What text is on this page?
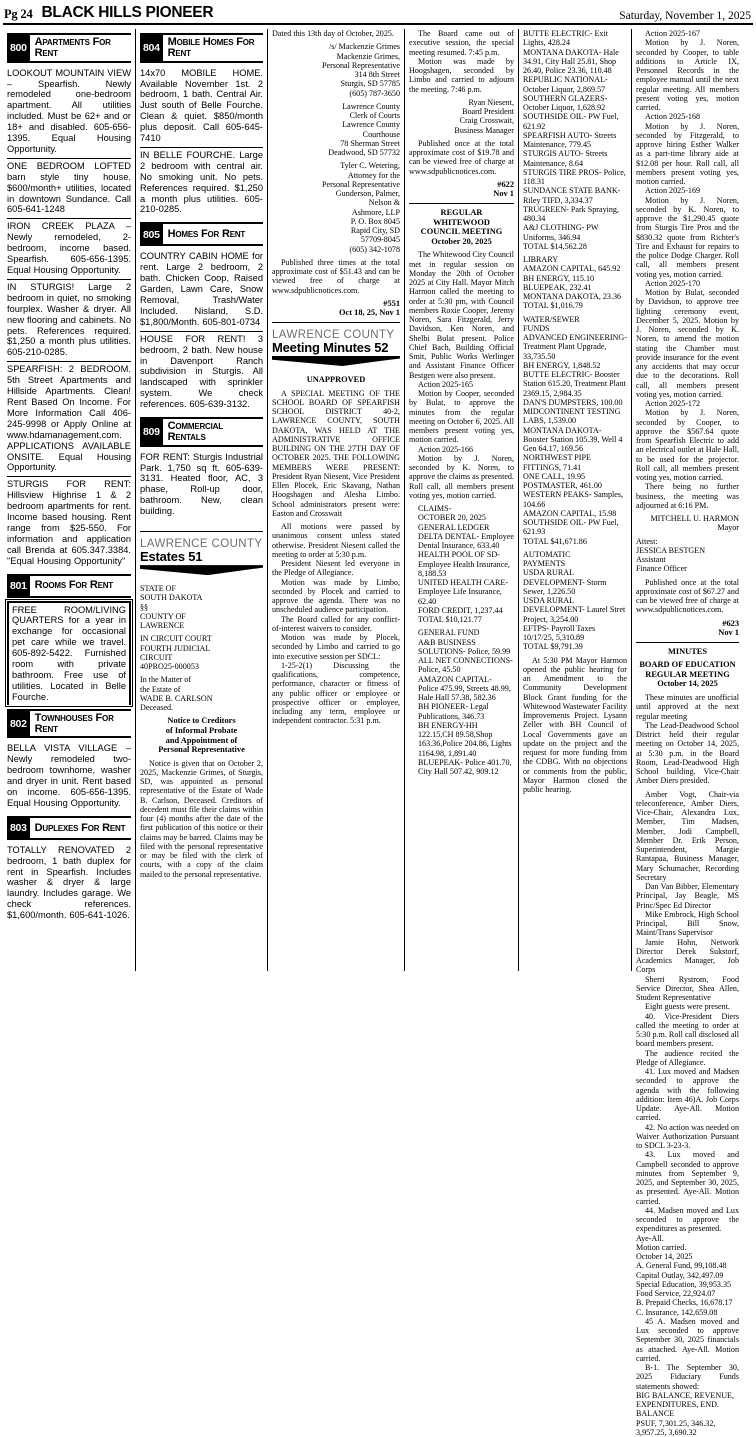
Pg 24 BLACK HILLS PIONEER	Saturday, November 1, 2025
800
Apartments For Rent
LOOKOUT MOUNTAIN VIEW – Spearfish. Newly remodeled one-bedroom apartment. All utilities included. Must be 62+ and or 18+ and disabled. 605-656-1395. Equal Housing Opportunity.
ONE BEDROOM LOFTED barn style tiny house. $600/month+ utilities, located in downtown Sundance. Call 605-641-1248
IRON CREEK PLAZA – Newly remodeled, 2-bedroom, income based. Spearfish. 605-656-1395. Equal Housing Opportunity.
IN STURGIS! Large 2 bedroom in quiet, no smoking fourplex. Washer & dryer. All new flooring and cabinets. No pets. References required. $1,250 a month plus utilities. 605-210-0285.
SPEARFISH: 2 BEDROOM. 5th Street Apartments and Hillside Apartments. Clean! Rent Based On Income. For More Information Call 406-245-9998 or Apply Online at www.hdamanagement.com. APPLICATIONS AVAILABLE ONSITE. Equal Housing Opportunity.
STURGIS FOR RENT: Hillsview Highrise 1 & 2 bedroom apartments for rent. Income based housing. Rent range from $25-550. For information and application call Brenda at 605.347.3384. "Equal Housing Opportunity"
801 Rooms For Rent
FREE ROOM/LIVING QUARTERS for a year in exchange for occasional pet care while we travel. 605-892-5422. Furnished room with private bathroom. Free use of utilities. Located in Belle Fourche.
802
Townhouses For Rent
BELLA VISTA VILLAGE – Newly remodeled two-bedroom townhome, washer and dryer in unit. Rent based on income. 605-656-1395. Equal Housing Opportunity.
803 Duplexes For Rent
TOTALLY RENOVATED 2 bedroom, 1 bath duplex for rent in Spearfish. Includes washer & dryer & large laundry. Includes garage. We check references. $1,600/month. 605-641-1026.
804
Mobile Homes For Rent
14x70 MOBILE HOME. Available November 1st. 2 bedroom, 1 bath. Central Air. Just south of Belle Fourche. Clean & quiet. $850/month plus deposit. Call 605-645-7410
IN BELLE FOURCHE. Large 2 bedroom with central air. No smoking unit. No pets. References required. $1,250 a month plus utilities. 605-210-0285.
805 Homes For Rent
COUNTRY CABIN HOME for rent. Large 2 bedroom, 2 bath. Chicken Coop, Raised Garden, Lawn Care, Snow Removal, Trash/Water Included. Nisland, S.D. $1,800/Month. 605-801-0734
HOUSE FOR RENT! 3 bedroom, 2 bath. New house in Davenport Ranch subdivision in Sturgis. All landscaped with sprinkler system. We check references. 605-639-3132.
809
Commercial Rentals
FOR RENT: Sturgis Industrial Park. 1,750 sq ft. 605-639-3131. Heated floor, AC, 3 phase, Roll-up door, bathroom. New, clean building.
LAWRENCE COUNTY
Estates 51
STATE OF
SOUTH DAKOTA
§§
COUNTY OF
LAWRENCE
IN CIRCUIT COURT
FOURTH JUDICIAL
CIRCUIT
40PRO25-000053
In the Matter of
the Estate of
WADE B. CARLSON
Deceased.
Notice to Creditors
of Informal Probate
and Appointment of
Personal Representative
Notice is given that on October 2, 2025, Mackenzie Grimes, of Sturgis, SD, was appointed as personal representative of the Estate of Wade B. Carlson, Deceased. Creditors of decedent must file their claims within four (4) months after the date of the first publication of this notice or their claims may be barred. Claims may be filed with the personal representative or may be filed with the clerk of courts, with a copy of the claim mailed to the personal representative.
Dated this 13th day of October, 2025.
/s/ Mackenzie Grimes
Mackenzie Grimes,
Personal Representative
314 8th Street
Sturgis, SD 57785
(605) 787-3650
Lawrence County
Clerk of Courts
Lawrence County
Courthouse
78 Sherman Street
Deadwood, SD 57732
Tyler C. Wetering,
Attorney for the
Personal Representative
Gunderson, Palmer,
Nelson &
Ashmore, LLP
P. O. Box 8045
Rapid City, SD
57709-8045
(605) 342-1078
Published three times at the total approximate cost of $51.43 and can be viewed free of charge at www.sdpublicnotices.com.
#551
Oct 18, 25, Nov 1
LAWRENCE COUNTY
Meeting Minutes 52
UNAPPROVED
A SPECIAL MEETING OF THE SCHOOL BOARD OF SPEARFISH SCHOOL DISTRICT 40-2, LAWRENCE COUNTY, SOUTH DAKOTA, WAS HELD AT THE ADMINISTRATIVE OFFICE BUILDING ON THE 27TH DAY OF OCTOBER 2025. THE FOLLOWING MEMBERS WERE PRESENT: President Ryan Niesent, Vice President Ellen Plocek, Eric Skavang, Nathan Hoogshagen and Alesha Limbo. School administrators present were: Easton and Crosswait
All motions were passed by unanimous consent unless stated otherwise. President Niesent called the meeting to order at 5:30 p.m.
President Niesent led everyone in the Pledge of Allegiance.
Motion was made by Limbo, seconded by Plocek and carried to approve the agenda. There was no unscheduled audience participation.
The Board called for any conflict-of-interest waivers to consider.
Motion was made by Plocek, seconded by Limbo and carried to go into executive session per SDCL:
1-25-2(1) Discussing the qualifications, competence, performance, character or fitness of any public officer or employee or prospective officer or employee, including any term, employee or independent contractor. 5:31 p.m.
The Board came out of executive session, the special meeting resumed. 7:45 p.m.
Motion was made by Hoogshagen, seconded by Limbo and carried to adjourn the meeting. 7:46 p.m.
Ryan Niesent,
Board President
Craig Crosswait,
Business Manager
Published once at the total approximate cost of $19.78 and can be viewed free of charge at www.sdpublicnotices.com.
#622
Nov 1
REGULAR
WHITEWOOD
COUNCIL MEETING
October 20, 2025
The Whitewood City Council met in regular session on Monday the 20th of October 2025 at City Hall. Mayor Mitch Harmon called the meeting to order at 5:30 pm, with Council members Roxie Cooper, Jeremy Noren, Sara Fitzgerald, Jerry Davidson, Ken Noren, and Shelbi Bulat present. Police Chief Bach, Building Official Smit, Public Works Werlinger and Assistant Finance Officer Bestgen were also present.
Action 2025-165
Motion by Cooper, seconded by Bulat, to approve the minutes from the regular meeting on October 6, 2025. All members present voting yes, motion carried.
Action 2025-166
Motion by J. Noren, seconded by K. Noren, to approve the claims as presented. Roll call, all members present voting yes, motion carried.
CLAIMS-
OCTOBER 20, 2025
GENERAL LEDGER
DELTA DENTAL- Employee Dental Insurance, 633.40
HEALTH POOL OF SD- Employee Health Insurance, 8,188.53
UNITED HEALTH CARE- Employee Life Insurance, 62.40
FORD CREDIT, 1,237.44
TOTAL $10,121.77
GENERAL FUND
A&B BUSINESS SOLUTIONS- Police, 59.99
ALL NET CONNECTIONS- Police, 45.50
AMAZON CAPITAL- Police 475.99, Streets 48.99, Hale Hall 57.38, 582.36
BH PIONEER- Legal Publications, 346.73
BH ENERGY-HH 122.15,CH 89.58,Shop 163.36,Police 204.86, Lights 1164.98, 1,891.40
BLUEPEAK- Police 401.70, City Hall 507.42, 909.12
BUTTE ELECTRIC- Exit Lights, 428.24
MONTANA DAKOTA- Hale 34.91, City Hall 25.81, Shop 26.40, Police 23.36, 110.48
REPUBLIC NATIONAL- October Liquor, 2,869.57
SOUTHERN GLAZERS- October Liquor, 1,628.92
SOUTHSIDE OIL- PW Fuel, 621.92
SPEARFISH AUTO- Streets Maintenance, 779.45
STURGIS AUTO- Streets Maintenance, 8.64
STURGIS TIRE PROS- Police, 118.31
SUNDANCE STATE BANK- Riley TIFD, 3,334.37
TRUGREEN- Park Spraying, 480.34
A&J CLOTHING- PW Uniforms, 346.94
TOTAL $14,562.28
LIBRARY
AMAZON CAPITAL, 645.92
BH ENERGY, 115.10
BLUEPEAK, 232.41
MONTANA DAKOTA, 23.36
TOTAL $1,016.79
WATER/SEWER
FUNDS
ADVANCED ENGINEERING- Treatment Plant Upgrade, 33,735.50
BH ENERGY, 1,848.52
BUTTE ELECTRIC- Booster Station 615.20, Treatment Plant 2369.15, 2,984.35
DAN'S DUMPSTERS, 100.00
MIDCONTINENT TESTING LABS, 1,539.00
MONTANA DAKOTA- Booster Station 105.39, Well 4 Gen 64.17, 169.56
NORTHWEST PIPE FITTINGS, 71.41
ONE CALL, 19.95
POSTMASTER, 461.00
WESTERN PEAKS- Samples, 104.66
AMAZON CAPITAL, 15.98
SOUTHSIDE OIL- PW Fuel, 621.93
TOTAL $41,671.86
AUTOMATIC
PAYMENTS
USDA RURAL DEVELOPMENT- Storm Sewer, 1,226.50
USDA RURAL DEVELOPMENT- Laurel Stret Project, 3,254.00
EFTPS- Payroll Taxes 10/17/25, 5,310.89
TOTAL $9,791.39
At 5:30 PM Mayor Harmon opened the public hearing for an Amendment to the Community Development Block Grant funding for the Whitewood Wastewater Facility Improvements Project. Lysann Zeller with BH Council of Local Governments gave an update on the project and the request for more funding from the CDBG. With no objections or comments from the public, Mayor Harmon closed the public hearing.
Action 2025-167
Motion by J. Noren, seconded by Cooper, to table additions to Article IX, Personnel Records in the employee manual until the next regular meeting. All members present voting yes, motion carried.
Action 2025-168
Motion by J. Noren, seconded by Fitzgerald, to approve hiring Esther Walker as a part-time library aide at $12.08 per hour. Roll call, all members present voting yes, motion carried.
Action 2025-169
Motion by J. Noren, seconded by K. Noren, to approve the $1,290.45 quote from Sturgis Tire Pros and the $830.32 quote from Richter's Tire and Exhaust for repairs to the police Dodge Charger. Roll call, all members present voting yes, motion carried.
Action 2025-170
Motion by Bulat, seconded by Davidson, to approve tree lighting ceremony event, December 5, 2025. Motion by J. Noren, seconded by K. Noren, to amend the motion stating the Chamber must provide insurance for the event any accidents that may occur due to the decorations. Roll call, all members present voting yes, motion carried.
Action 2025-172
Motion by J. Noren, seconded by Cooper, to approve the $567.64 quote from Spearfish Electric to add an electrical outlet at Hale Hall, to be used for the projector. Roll call, all members present voting yes, motion carried.
There being no further business, the meeting was adjourned at 6:16 PM.
MITCHELL U. HARMON
Mayor
Attest:
JESSICA BESTGEN
Assistant
Finance Officer
Published once at the total approximate cost of $67.27 and can be viewed free of charge at www.sdpublicnotices.com.
#623
Nov 1
MINUTES
BOARD OF EDUCATION REGULAR MEETING October 14, 2025
These minutes are unofficial until approved at the next regular meeting
The Lead-Deadwood School District held their regular meeting on October 14, 2025, at 5:30 p.m. in the Board Room, Lead-Deadwood High School building. Vice-Chair Amber Diers presided.
Amber Vogt, Chair-via teleconference, Amber Diers, Vice-Chair, Alexandra Lux, Member, Tim Madsen, Member, Jodi Campbell, Member Dr. Erik Person, Superintendent, Margie Rantapaa, Business Manager, Mary Schumacher, Recording Secretary
Dan Van Bibber, Elementary Principal, Jay Beagle, MS Princ/Spec Ed Director
Mike Embrock, High School Principal, Bill Snow, Maint/Trans Supervisor
Jamie Hohn, Network Director Derek Sukstorf, Academics Manager, Job Corps
Sherri Rystrom, Food Service Director, Shea Allen, Student Representative
Eight guests were present.
40. Vice-President Diers called the meeting to order at 5:30 p.m. Roll call disclosed all board members present.
The audience recited the Pledge of Allegiance.
41. Lux moved and Madsen seconded to approve the agenda with the following addition: Item 46)A. Job Corps Update. Aye-All. Motion carried.
42. No action was needed on Waiver Authorization Pursuant to SDCL 3-23-3.
43. Lux moved and Campbell seconded to approve minutes from September 9, 2025, and September 30, 2025, as presented. Aye-All. Motion carried.
44. Madsen moved and Lux seconded to approve the expenditures as presented.
Aye-All.
Motion carried.
October 14, 2025
A. General Fund, 99,108.48
Capital Outlay, 342,497.09
Special Education, 39,953.35
Food Service, 22,924.07
B. Prepaid Checks, 16,678.17
C. Insurance, 142,659.08
45 A. Madsen moved and Lux seconded to approve September 30, 2025 financials as attached. Aye-All. Motion carried.
B-1. The September 30, 2025 Fiduciary Funds statements showed:
BIG BALANCE, REVENUE, EXPENDITURES, END. BALANCE
PSUF, 7,301.25, 346.32, 3,957.25, 3,690.32
